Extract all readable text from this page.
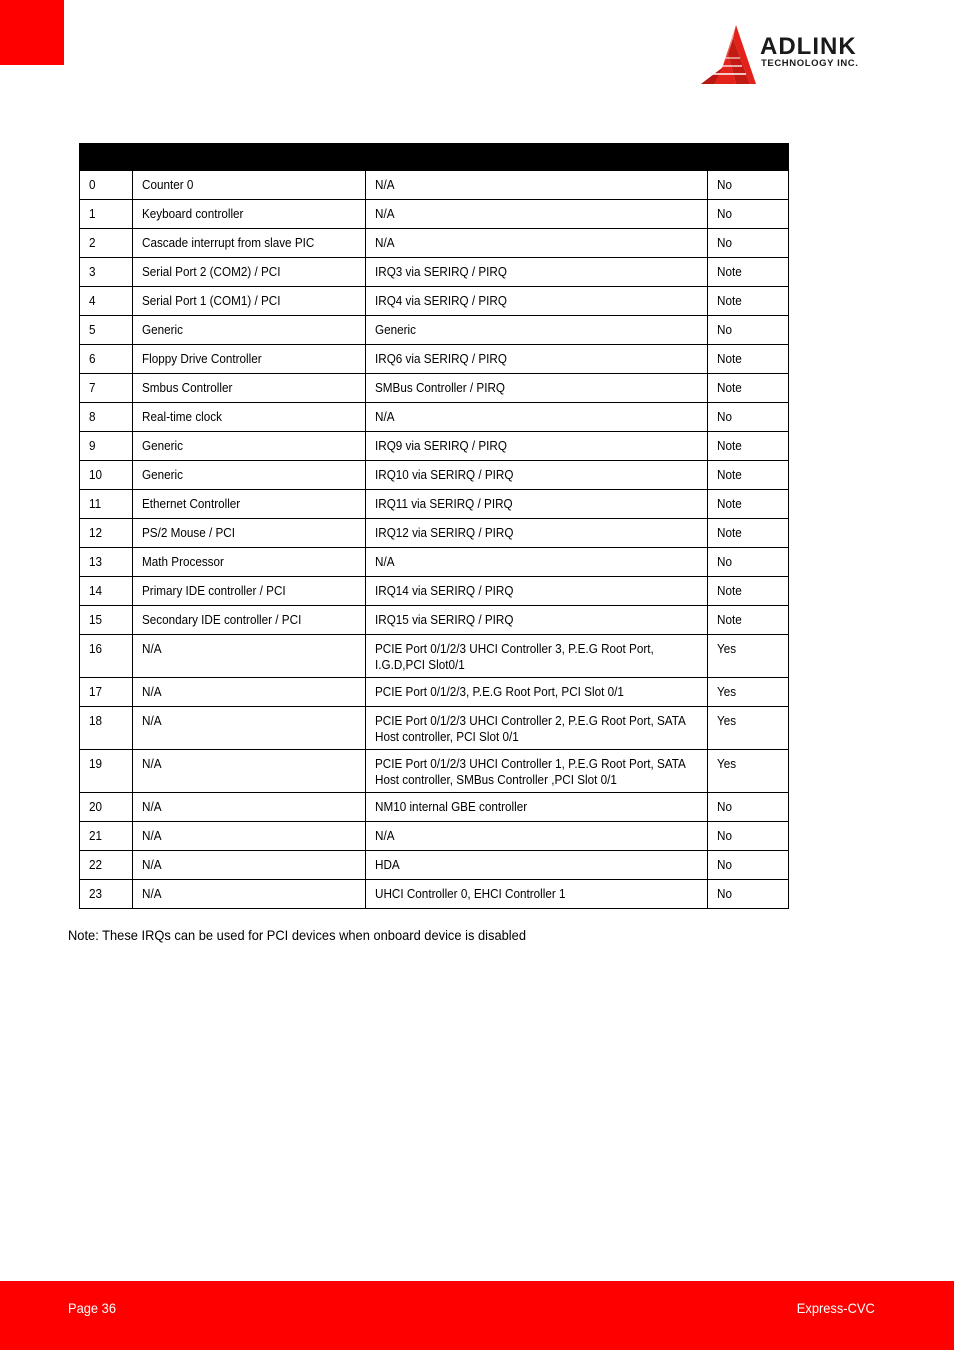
ADLINK
TECHNOLOGY INC.

0	Counter 0	N/A	No
1	Keyboard controller	N/A	No
2	Cascade interrupt from slave PIC	N/A	No
3	Serial Port 2 (COM2) / PCI	IRQ3 via SERIRQ / PIRQ	Note
4	Serial Port 1 (COM1) / PCI	IRQ4 via SERIRQ / PIRQ	Note
5	Generic	Generic	No
6	Floppy Drive Controller	IRQ6 via SERIRQ / PIRQ	Note
7	Smbus Controller	SMBus Controller / PIRQ	Note
8	Real-time clock	N/A	No
9	Generic	IRQ9 via SERIRQ / PIRQ	Note
10	Generic	IRQ10 via SERIRQ / PIRQ	Note
11	Ethernet Controller	IRQ11 via SERIRQ / PIRQ	Note
12	PS/2 Mouse / PCI	IRQ12 via SERIRQ / PIRQ	Note
13	Math Processor	N/A	No
14	Primary IDE controller / PCI	IRQ14 via SERIRQ / PIRQ	Note
15	Secondary IDE controller / PCI	IRQ15 via SERIRQ / PIRQ	Note
16	N/A	PCIE Port 0/1/2/3 UHCI Controller 3, P.E.G Root Port, I.G.D,PCI Slot0/1	Yes
17	N/A	PCIE Port 0/1/2/3, P.E.G Root Port, PCI Slot 0/1	Yes
18	N/A	PCIE Port 0/1/2/3 UHCI Controller 2, P.E.G Root Port, SATA Host controller, PCI Slot 0/1	Yes
19	N/A	PCIE Port 0/1/2/3 UHCI Controller 1, P.E.G Root Port, SATA Host controller, SMBus Controller ,PCI Slot 0/1	Yes
20	N/A	NM10 internal GBE controller	No
21	N/A	N/A	No
22	N/A	HDA	No
23	N/A	UHCI Controller 0, EHCI Controller 1	No
Note: These IRQs can be used for PCI devices when onboard device is disabled
Page 36	Express-CVC
